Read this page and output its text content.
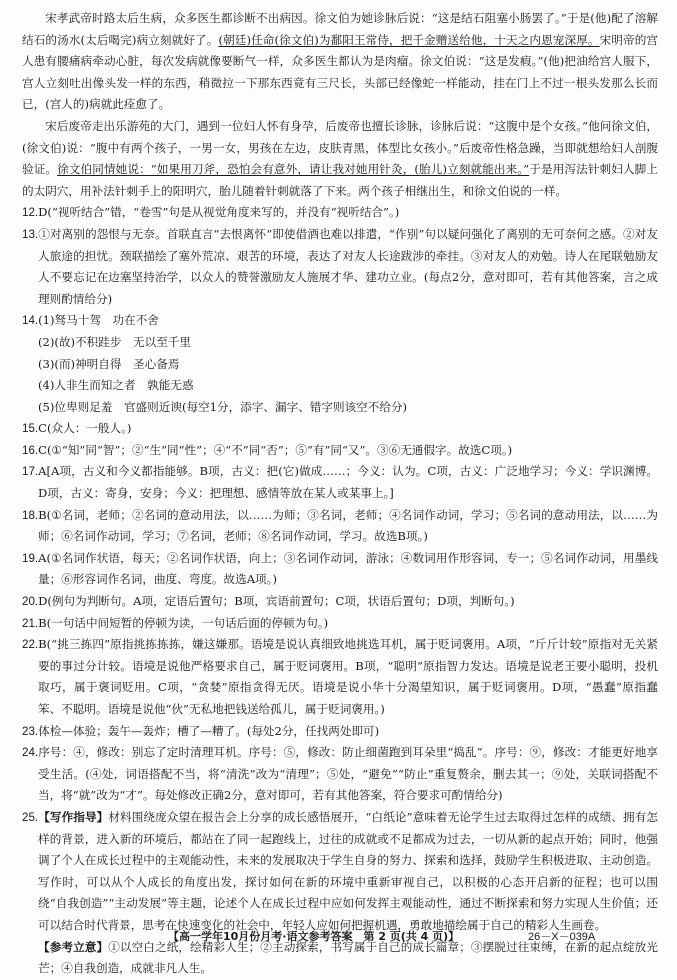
宋孝武帝时路太后生病，众多医生都诊断不出病因。徐文伯为她诊脉后说：“这是结石阻塞小肠罢了。”于是(他)配了溶解结石的汤水(太后喝完)病立刻就好了。(朝廷)任命(徐文伯)为鄱阳王常侍，把千金赠送给他，十天之内恩宠深厚。宋明帝的宫人患有腰痛病牵动心脏，每次发病就像要断气一样，众多医生都认为是肉瘤。徐文伯说：“这是发瘕。”(他)把油给宫人服下，宫人立刻吐出像头发一样的东西，稍微拉一下那东西竟有三尺长，头部已经像蛇一样能动，挂在门上不过一根头发那么长而已，(宫人的)病就此痊愈了。

宋后废帝走出乐游苑的大门，遇到一位妇人怀有身孕，后废帝也擅长诊脉，诊脉后说：“这腹中是个女孩。”他问徐文伯，(徐文伯)说：“腹中有两个孩子，一男一女，男孩在左边，皮肤青黑，体型比女孩小。”后废帝性格急躁，当即就想给妇人剖腹验证。徐文伯同情她说：“如果用刀斧，恐怕会有意外，请让我对她用针灸，(胎儿)立刻就能出来。”于是用泻法针刺妇人脚上的太阴穴，用补法针刺手上的阳明穴，胎儿随着针刺就落了下来。两个孩子相继出生，和徐文伯说的一样。

12.D(“视听结合”错，“卷雪”句是从视觉角度来写的，并没有“视听结合”。)

13.①对离别的怨恨与无奈。首联直言“去恨离怀”即使借酒也难以排遣，“作别”句以疑问强化了离别的无可奈何之感。②对友人旅途的担忧。颈联描绘了塞外荒凉、艰苦的环境，表达了对友人长途跋涉的牵挂。③对友人的劝勉。诗人在尾联勉励友人不要忘记在边塞坚持治学，以众人的赞誉激励友人施展才华、建功立业。(每点2分，意对即可，若有其他答案，言之成理则酌情给分)

14.(1)驽马十驾　功在不舍

(2)(故)不积跬步　无以至千里

(3)(而)神明自得　圣心备焉

(4)人非生而知之者　孰能无惑

(5)位卑则足羞　官盛则近谀(每空1分，添字、漏字、错字则该空不给分)

15.C(众人：一般人。)

16.C(①“知”同“智”；②“生”同“性”；④“不”同“否”；⑤“有”同“又”。③⑥无通假字。故选C项。)

17.A[A项，古义和今义都指能够。B项，古义：把(它)做成……；今义：认为。C项，古义：广泛地学习；今义：学识渊博。D项，古义：寄身，安身；今义：把理想、感情等放在某人或某事上。]

18.B(①名词，老师；②名词的意动用法，以……为师；③名词，老师；④名词作动词，学习；⑤名词的意动用法，以……为师；⑥名词作动词，学习；⑦名词，老师；⑧名词作动词，学习。故选B项。)

19.A(①名词作状语，每天；②名词作状语，向上；③名词作动词，游泳；④数词用作形容词，专一；⑤名词作动词，用墨线量；⑥形容词作名词，曲度、弯度。故选A项。)

20.D(例句为判断句。A项，定语后置句；B项，宾语前置句；C项，状语后置句；D项，判断句。)

21.B(一句话中间短暂的停顿为读，一句话后面的停顿为句。)

22.B(“挑三拣四”原指挑拣拣拣，嫌这嫌那。语境是说认真细致地挑选耳机，属于贬词褒用。A项，“斤斤计较”原指对无关紧要的事过分计较。语境是说他严格要求自己，属于贬词褒用。B项，“聪明”原指智力发达。语境是说老王要小聪明，投机取巧，属于褒词贬用。C项，“贪婪”原指贪得无厌。语境是说小华十分渴望知识，属于贬词褒用。D项，“愚蠢”原指蠢笨、不聪明。语境是说他“伙”无私地把钱送给孤儿，属于贬词褒用。)

23.体检—体验；轰午—轰炸；槽了—糟了。(每处2分，任找两处即可)

24.序号：④，修改：别忘了定时清理耳机。序号：⑤，修改：防止细菌跑到耳朵里“捣乱”。序号：⑨，修改：才能更好地享受生活。(④处，词语搭配不当，将“清洗”改为“清理”；⑤处，“避免”“防止”重复赘余，删去其一；⑨处，关联词搭配不当，将“就”改为“才”。每处修改正确2分，意对即可，若有其他答案，符合要求可酌情给分)

25.【写作指导】材料围绕庞众望在报告会上分享的成长感悟展开，“白纸论”意味着无论学生过去取得过怎样的成绩、拥有怎样的背景，进入新的环境后，都站在了同一起跑线上，过往的成就或不足都成为过去，一切从新的起点开始；同时，他强调了个人在成长过程中的主观能动性，未来的发展取决于学生自身的努力、探索和选择，鼓励学生积极进取、主动创造。写作时，可以从个人成长的角度出发，探讨如何在新的环境中重新审视自己，以积极的心态开启新的征程；也可以围绕“自我创造”“主动发展”等主题，论述个人在成长过程中应如何发挥主观能动性，通过不断探索和努力实现人生价值；还可以结合时代背景，思考在快速变化的社会中，年轻人应如何把握机遇，勇敢地描绘属于自己的精彩人生画卷。

【参考立意】①以空白之纸，绘精彩人生；②主动探索，书写属于自己的成长篇章；③摆脱过往束缚，在新的起点绽放光芒；④自我创造，成就非凡人生。

【高一学年10月份月考·语文参考答案　第 2 页(共 4 页)】	26－X－039A
